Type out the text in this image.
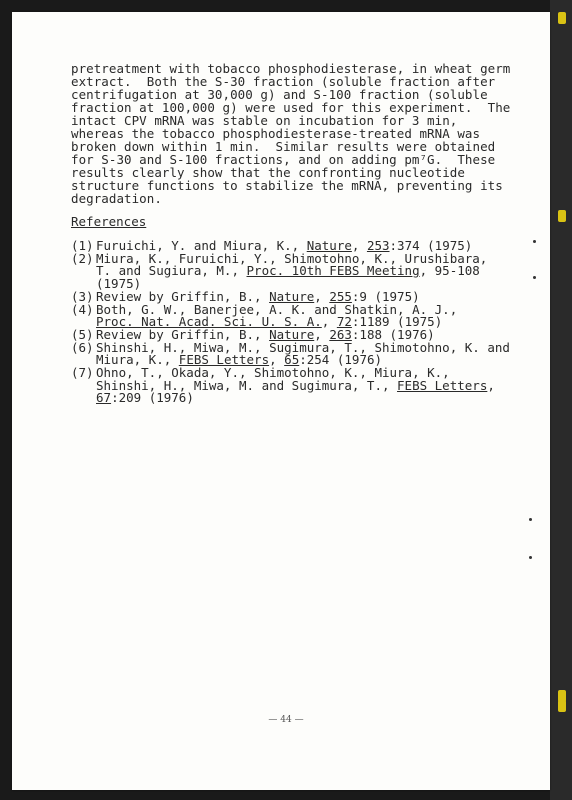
pretreatment with tobacco phosphodiesterase, in wheat germ
extract.  Both the S-30 fraction (soluble fraction after
centrifugation at 30,000 g) and S-100 fraction (soluble
fraction at 100,000 g) were used for this experiment.  The
intact CPV mRNA was stable on incubation for 3 min,
whereas the tobacco phosphodiesterase-treated mRNA was
broken down within 1 min.  Similar results were obtained
for S-30 and S-100 fractions, and on adding pm⁷G.  These
results clearly show that the confronting nucleotide
structure functions to stabilize the mRNA, preventing its
degradation.
References
(1) Furuichi, Y. and Miura, K., Nature, 253:374 (1975)
(2) Miura, K., Furuichi, Y., Shimotohno, K., Urushibara,
T. and Sugiura, M., Proc. 10th FEBS Meeting, 95-108
(1975)
(3) Review by Griffin, B., Nature, 255:9 (1975)
(4) Both, G. W., Banerjee, A. K. and Shatkin, A. J.,
Proc. Nat. Acad. Sci. U. S. A., 72:1189 (1975)
(5) Review by Griffin, B., Nature, 263:188 (1976)
(6) Shinshi, H., Miwa, M., Sugimura, T., Shimotohno, K. and
Miura, K., FEBS Letters, 65:254 (1976)
(7) Ohno, T., Okada, Y., Shimotohno, K., Miura, K.,
Shinshi, H., Miwa, M. and Sugimura, T., FEBS Letters,
67:209 (1976)
— 44 —
